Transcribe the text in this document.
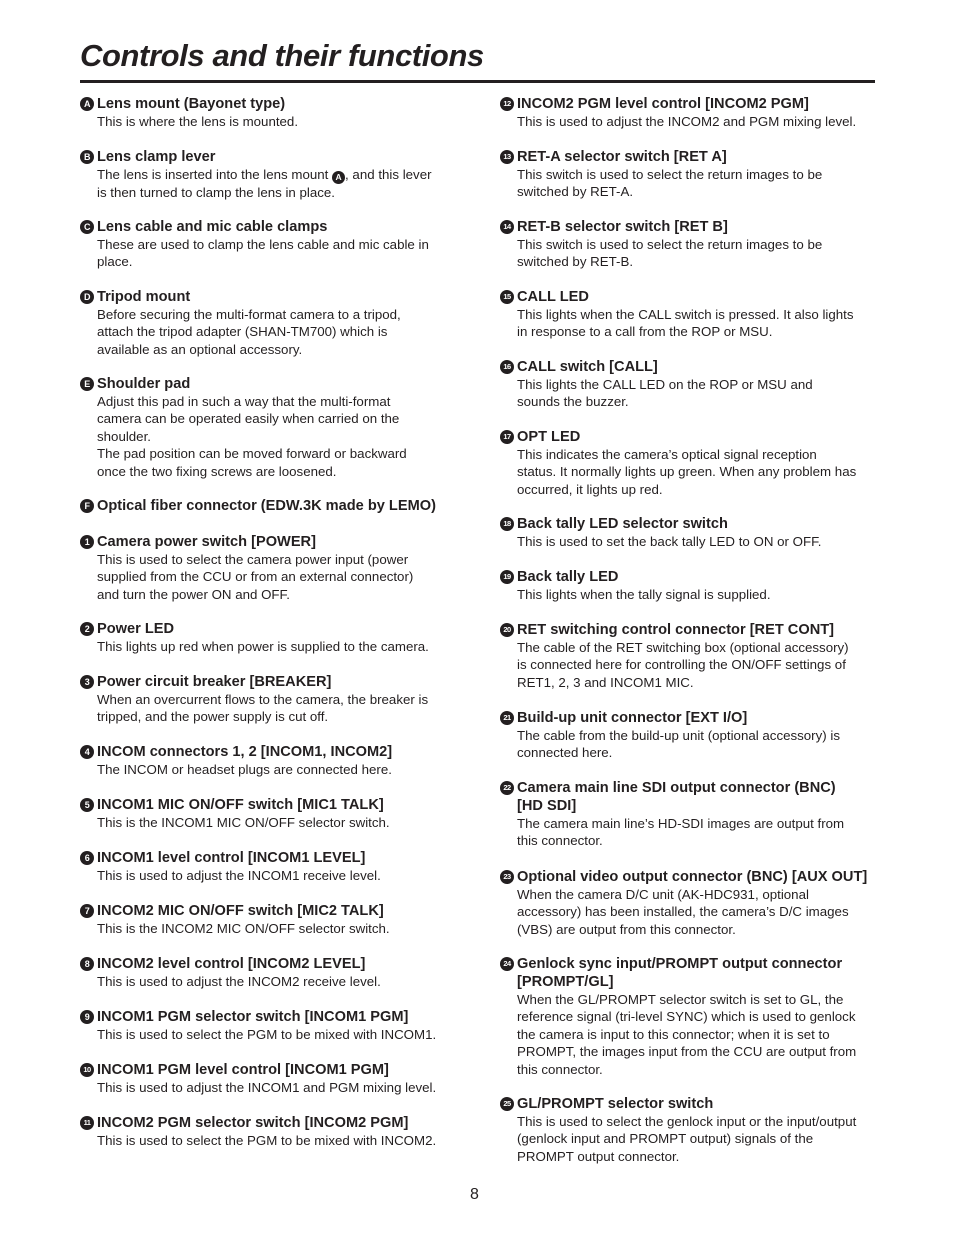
Controls and their functions
A Lens mount (Bayonet type)
This is where the lens is mounted.
B Lens clamp lever
The lens is inserted into the lens mount A , and this lever
is then turned to clamp the lens in place.
C Lens cable and mic cable clamps
These are used to clamp the lens cable and mic cable in
place.
D Tripod mount
Before securing the multi-format camera to a tripod,
attach the tripod adapter (SHAN-TM700) which is
available as an optional accessory.
E Shoulder pad
Adjust this pad in such a way that the multi-format
camera can be operated easily when carried on the
shoulder.
The pad position can be moved forward or backward
once the two fixing screws are loosened.
F Optical fiber connector (EDW.3K made by LEMO)
1 Camera power switch [POWER]
This is used to select the camera power input (power
supplied from the CCU or from an external connector)
and turn the power ON and OFF.
2 Power LED
This lights up red when power is supplied to the camera.
3 Power circuit breaker [BREAKER]
When an overcurrent flows to the camera, the breaker is
tripped, and the power supply is cut off.
4 INCOM connectors 1, 2 [INCOM1, INCOM2]
The INCOM or headset plugs are connected here.
5 INCOM1 MIC ON/OFF switch [MIC1 TALK]
This is the INCOM1 MIC ON/OFF selector switch.
6 INCOM1 level control [INCOM1 LEVEL]
This is used to adjust the INCOM1 receive level.
7 INCOM2 MIC ON/OFF switch [MIC2 TALK]
This is the INCOM2 MIC ON/OFF selector switch.
8 INCOM2 level control [INCOM2 LEVEL]
This is used to adjust the INCOM2 receive level.
9 INCOM1 PGM selector switch [INCOM1 PGM]
This is used to select the PGM to be mixed with INCOM1.
10 INCOM1 PGM level control [INCOM1 PGM]
This is used to adjust the INCOM1 and PGM mixing level.
11 INCOM2 PGM selector switch [INCOM2 PGM]
This is used to select the PGM to be mixed with INCOM2.
12 INCOM2 PGM level control [INCOM2 PGM]
This is used to adjust the INCOM2 and PGM mixing level.
13 RET-A selector switch [RET A]
This switch is used to select the return images to be
switched by RET-A.
14 RET-B selector switch [RET B]
This switch is used to select the return images to be
switched by RET-B.
15 CALL LED
This lights when the CALL switch is pressed. It also lights
in response to a call from the ROP or MSU.
16 CALL switch [CALL]
This lights the CALL LED on the ROP or MSU and
sounds the buzzer.
17 OPT LED
This indicates the camera’s optical signal reception
status. It normally lights up green. When any problem has
occurred, it lights up red.
18 Back tally LED selector switch
This is used to set the back tally LED to ON or OFF.
19 Back tally LED
This lights when the tally signal is supplied.
20 RET switching control connector [RET CONT]
The cable of the RET switching box (optional accessory)
is connected here for controlling the ON/OFF settings of
RET1, 2, 3 and INCOM1 MIC.
21 Build-up unit connector [EXT I/O]
The cable from the build-up unit (optional accessory) is
connected here.
22 Camera main line SDI output connector (BNC)
[HD SDI]
The camera main line’s HD-SDI images are output from
this connector.
23 Optional video output connector (BNC) [AUX OUT]
When the camera D/C unit (AK-HDC931, optional
accessory) has been installed, the camera’s D/C images
(VBS) are output from this connector.
24 Genlock sync input/PROMPT output connector
[PROMPT/GL]
When the GL/PROMPT selector switch is set to GL, the
reference signal (tri-level SYNC) which is used to genlock
the camera is input to this connector; when it is set to
PROMPT, the images input from the CCU are output from
this connector.
25 GL/PROMPT selector switch
This is used to select the genlock input or the input/output
(genlock input and PROMPT output) signals of the
PROMPT output connector.
8
